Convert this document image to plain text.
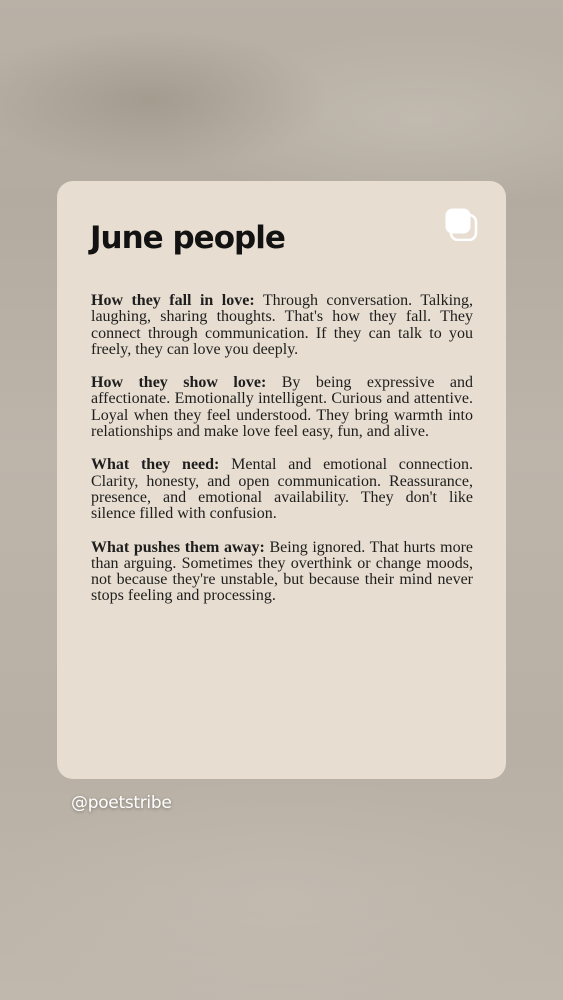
June people

How they fall in love: Through conversation. Talking, laughing, sharing thoughts. That's how they fall. They connect through communication. If they can talk to you freely, they can love you deeply.

How they show love: By being expressive and affectionate. Emotionally intelligent. Curious and attentive. Loyal when they feel understood. They bring warmth into relationships and make love feel easy, fun, and alive.

What they need: Mental and emotional connection. Clarity, honesty, and open communication. Reassurance, presence, and emotional availability. They don't like silence filled with confusion.

What pushes them away: Being ignored. That hurts more than arguing. Sometimes they overthink or change moods, not because they're unstable, but because their mind never stops feeling and processing.

@poetstribe
